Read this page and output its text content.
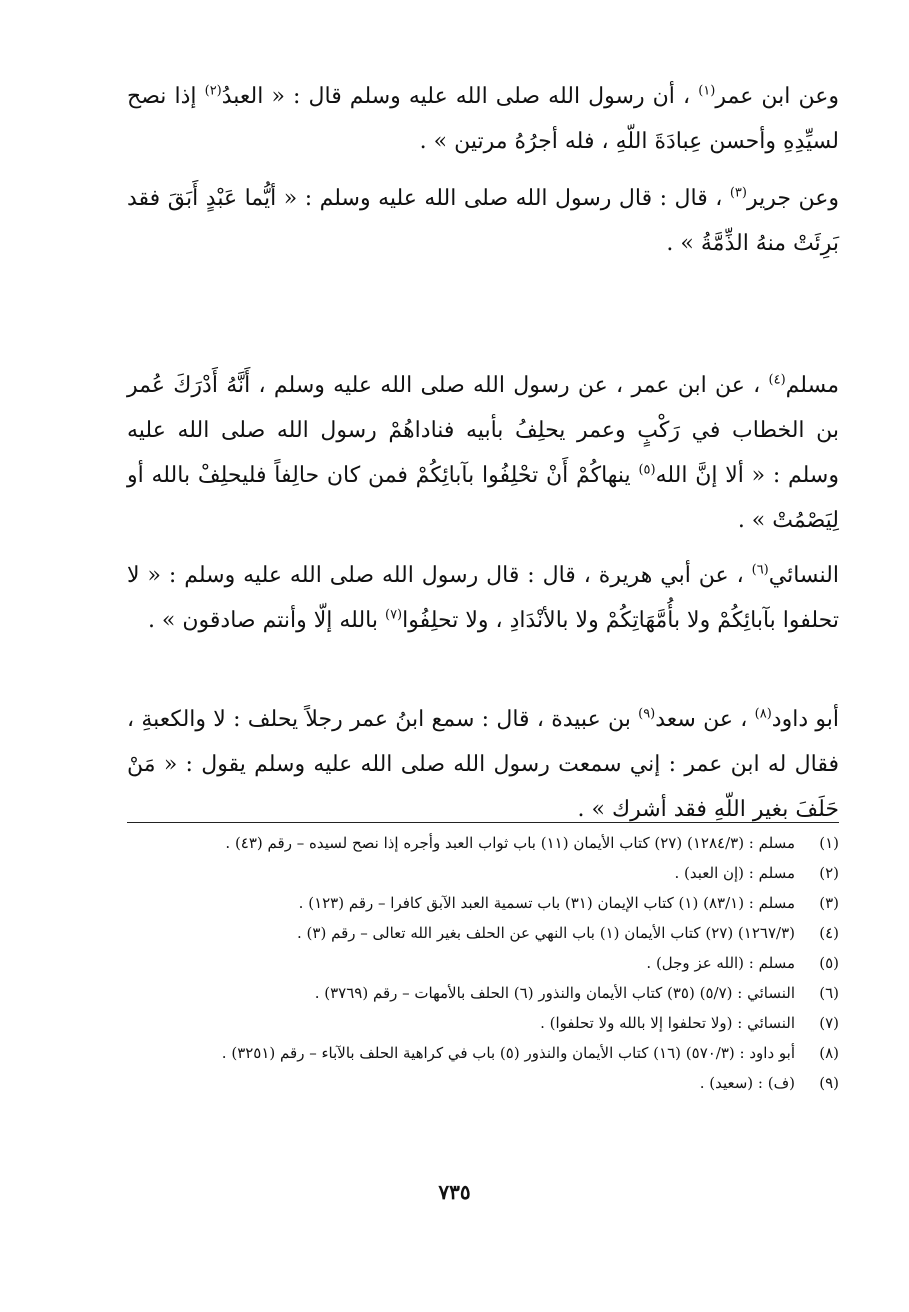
وعن ابن عمر$^{(١)}$ ، أن رسول الله صلى الله عليه وسلم قال : « العبدُ$^{(٢)}$ إذا نصح لسيِّدِهِ وأحسن عِبادَةَ اللّهِ ، فله أجرُهُ مرتين » .
وعن جرير$^{(٣)}$ ، قال : قال رسول الله صلى الله عليه وسلم : « أيُّما عَبْدٍ أَبَقَ فقد بَرِئَتْ منهُ الذِّمَّةُ » .
مسلم$^{(٤)}$ ، عن ابن عمر ، عن رسول الله صلى الله عليه وسلم ، أَنَّهُ أَدْرَكَ عُمر بن الخطاب في رَكْبٍ وعمر يحلِفُ بأبيه فناداهُمْ رسول الله صلى الله عليه وسلم : « ألا إنَّ الله$^{(٥)}$ ينهاكُمْ أَنْ تحْلِفُوا بآبائِكُمْ فمن كان حالِفاً فليحلِفْ بالله أو لِيَصْمُتْ » .
النسائي$^{(٦)}$ ، عن أبي هريرة ، قال : قال رسول الله صلى الله عليه وسلم : « لا تحلفوا بآبائِكُمْ ولا بأُمَّهَاتِكُمْ ولا بالأنْدَادِ ، ولا تحلِفُوا$^{(٧)}$ بالله إلّا وأنتم صادقون » .
أبو داود$^{(٨)}$ ، عن سعد$^{(٩)}$ بن عبيدة ، قال : سمع ابنُ عمر رجلاً يحلف : لا والكعبةِ ، فقال له ابن عمر : إني سمعت رسول الله صلى الله عليه وسلم يقول : « مَنْ حَلَفَ بغير اللّهِ فقد أشرك » .
(١)
مسلم : (١٢٨٤/٣) (٢٧) كتاب الأيمان (١١) باب ثواب العبد وأجره إذا نصح لسيده – رقم (٤٣) .
(٢)
مسلم : (إن العبد) .
(٣)
مسلم : (٨٣/١) (١) كتاب الإيمان (٣١) باب تسمية العبد الآبق كافرا – رقم (١٢٣) .
(٤)
(١٢٦٧/٣) (٢٧) كتاب الأيمان (١) باب النهي عن الحلف بغير الله تعالى – رقم (٣) .
(٥)
مسلم : (الله عز وجل) .
(٦)
النسائي : (٥/٧) (٣٥) كتاب الأيمان والنذور (٦) الحلف بالأمهات – رقم (٣٧٦٩) .
(٧)
النسائي : (ولا تحلفوا إلا بالله ولا تحلفوا) .
(٨)
أبو داود : (٥٧٠/٣) (١٦) كتاب الأيمان والنذور (٥) باب في كراهية الحلف بالآباء – رقم (٣٢٥١) .
(٩)
(ف) : (سعيد) .
٧٣٥
